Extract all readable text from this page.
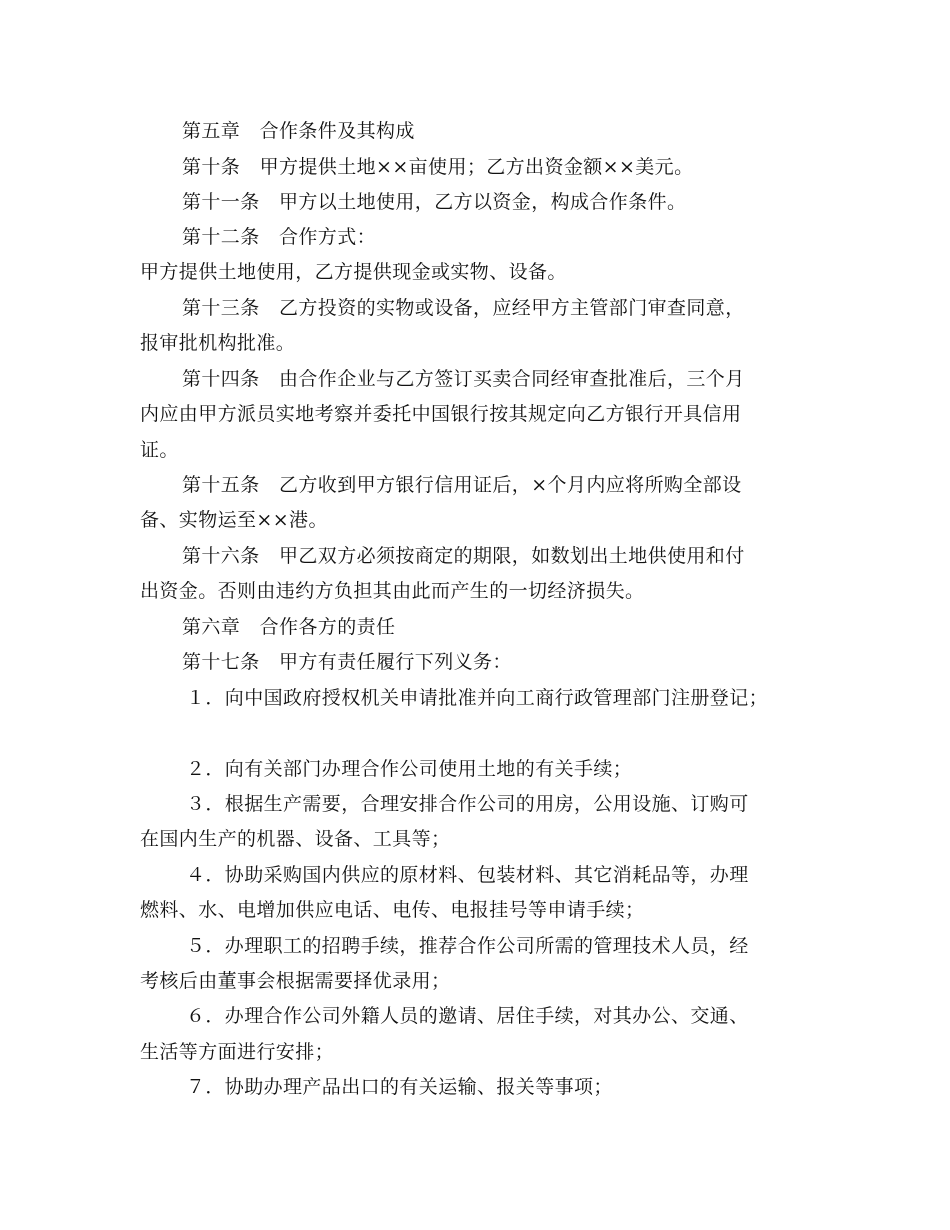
第五章　合作条件及其构成
第十条　甲方提供土地××亩使用；乙方出资金额××美元。
第十一条　甲方以土地使用，乙方以资金，构成合作条件。
第十二条　合作方式：
甲方提供土地使用，乙方提供现金或实物、设备。
第十三条　乙方投资的实物或设备，应经甲方主管部门审查同意，
报审批机构批准。
第十四条　由合作企业与乙方签订买卖合同经审查批准后，三个月
内应由甲方派员实地考察并委托中国银行按其规定向乙方银行开具信用
证。
第十五条　乙方收到甲方银行信用证后，×个月内应将所购全部设
备、实物运至××港。
第十六条　甲乙双方必须按商定的期限，如数划出土地供使用和付
出资金。否则由违约方负担其由此而产生的一切经济损失。
第六章　合作各方的责任
第十七条　甲方有责任履行下列义务：
１．向中国政府授权机关申请批准并向工商行政管理部门注册登记；
２．向有关部门办理合作公司使用土地的有关手续；
３．根据生产需要，合理安排合作公司的用房，公用设施、订购可
在国内生产的机器、设备、工具等；
４．协助采购国内供应的原材料、包装材料、其它消耗品等，办理
燃料、水、电增加供应电话、电传、电报挂号等申请手续；
５．办理职工的招聘手续，推荐合作公司所需的管理技术人员，经
考核后由董事会根据需要择优录用；
６．办理合作公司外籍人员的邀请、居住手续，对其办公、交通、
生活等方面进行安排；
７．协助办理产品出口的有关运输、报关等事项；
